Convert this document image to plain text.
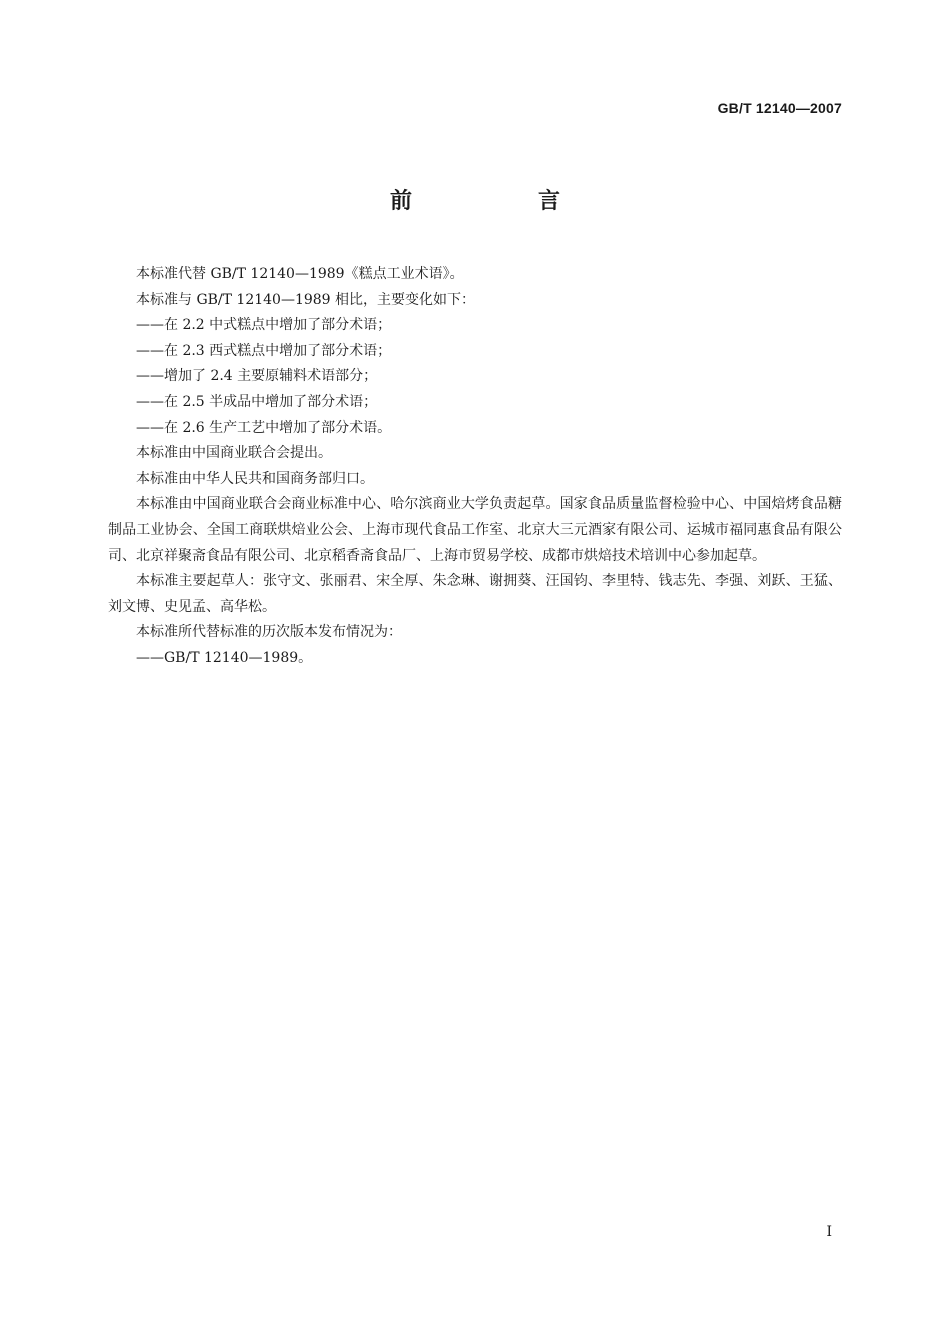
GB/T 12140—2007
前　言

本标准代替 GB/T 12140—1989《糕点工业术语》。

本标准与 GB/T 12140—1989 相比，主要变化如下：

——在 2.2 中式糕点中增加了部分术语；

——在 2.3 西式糕点中增加了部分术语；

——增加了 2.4 主要原辅料术语部分；

——在 2.5 半成品中增加了部分术语；

——在 2.6 生产工艺中增加了部分术语。

本标准由中国商业联合会提出。

本标准由中华人民共和国商务部归口。

本标准由中国商业联合会商业标准中心、哈尔滨商业大学负责起草。国家食品质量监督检验中心、中国焙烤食品糖制品工业协会、全国工商联烘焙业公会、上海市现代食品工作室、北京大三元酒家有限公司、运城市福同惠食品有限公司、北京祥聚斋食品有限公司、北京稻香斋食品厂、上海市贸易学校、成都市烘焙技术培训中心参加起草。

本标准主要起草人：张守文、张丽君、宋全厚、朱念琳、谢拥葵、汪国钧、李里特、钱志先、李强、刘跃、王猛、刘文博、史见孟、高华松。

本标准所代替标准的历次版本发布情况为：

——GB/T 12140—1989。

I
